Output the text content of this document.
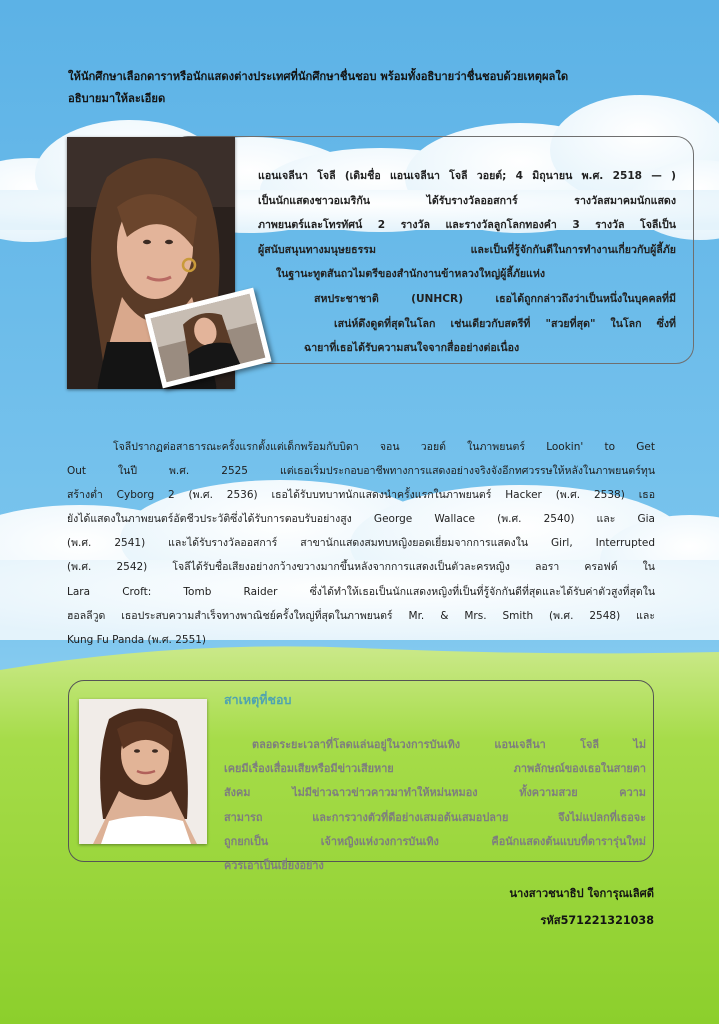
ให้นักศึกษาเลือกดาราหรือนักแสดงต่างประเทศที่นักศึกษาชื่นชอบ พร้อมทั้งอธิบายว่าชื่นชอบด้วยเหตุผลใด

อธิบายมาให้ละเอียด

แอนเจลีนา โจลี (เดิมชื่อ แอนเจลีนา โจลี วอยต์; 4 มิถุนายน พ.ศ. 2518 — )
เป็นนักแสดงชาวอเมริกัน ได้รับรางวัลออสการ์ รางวัลสมาคมนักแสดง
ภาพยนตร์และโทรทัศน์ 2 รางวัล และรางวัลลูกโลกทองคำ 3 รางวัล โจลีเป็น
ผู้สนับสนุนทางมนุษยธรรม และเป็นที่รู้จักกันดีในการทำงานเกี่ยวกับผู้ลี้ภัย
ในฐานะทูตสันถวไมตรีของสำนักงานข้าหลวงใหญ่ผู้ลี้ภัยแห่ง
สหประชาชาติ (UNHCR) เธอได้ถูกกล่าวถึงว่าเป็นหนึ่งในบุคคลที่มี
เสน่ห์ดึงดูดที่สุดในโลก เช่นเดียวกับสตรีที่ "สวยที่สุด" ในโลก ซึ่งที่
ฉายาที่เธอได้รับความสนใจจากสื่ออย่างต่อเนื่อง
โจลีปรากฏต่อสาธารณะครั้งแรกตั้งแต่เด็กพร้อมกับบิดา จอน วอยต์ ในภาพยนตร์ Lookin' to Get
Out ในปี พ.ศ. 2525 แต่เธอเริ่มประกอบอาชีพทางการแสดงอย่างจริงจังอีกทศวรรษให้หลังในภาพยนตร์ทุน
สร้างต่ำ Cyborg 2 (พ.ศ. 2536) เธอได้รับบทบาทนักแสดงนำครั้งแรกในภาพยนตร์ Hacker (พ.ศ. 2538) เธอ
ยังได้แสดงในภาพยนตร์อัตชีวประวัติซึ่งได้รับการตอบรับอย่างสูง George Wallace (พ.ศ. 2540) และ Gia
(พ.ศ. 2541) และได้รับรางวัลออสการ์ สาขานักแสดงสมทบหญิงยอดเยี่ยมจากการแสดงใน Girl, Interrupted
(พ.ศ. 2542) โจลีได้รับชื่อเสียงอย่างกว้างขวางมากขึ้นหลังจากการแสดงเป็นตัวละครหญิง ลอรา ครอฟต์ ใน
Lara Croft: Tomb Raider ซึ่งได้ทำให้เธอเป็นนักแสดงหญิงที่เป็นที่รู้จักกันดีที่สุดและได้รับค่าตัวสูงที่สุดใน
ฮอลลีวูด เธอประสบความสำเร็จทางพาณิชย์ครั้งใหญ่ที่สุดในภาพยนตร์ Mr. & Mrs. Smith (พ.ศ. 2548) และ
Kung Fu Panda (พ.ศ. 2551)
สาเหตุที่ชอบ
ตลอดระยะเวลาที่โลดแล่นอยู่ในวงการบันเทิง แอนเจลีนา โจลี ไม่
เคยมีเรื่องเสื่อมเสียหรือมีข่าวเสียหาย ภาพลักษณ์ของเธอในสายตา
สังคม ไม่มีข่าวฉาวข่าวคาวมาทำให้หม่นหมอง ทั้งความสวย ความ
สามารถ และการวางตัวที่ดีอย่างเสมอต้นเสมอปลาย จึงไม่แปลกที่เธอจะ
ถูกยกเป็น เจ้าหญิงแห่งวงการบันเทิง คือนักแสดงต้นแบบที่ดารารุ่นใหม่
ควรเอาเป็นเยี่ยงอย่าง
นางสาวชนาธิป ใจการุณเลิศดี
รหัส571221321038
